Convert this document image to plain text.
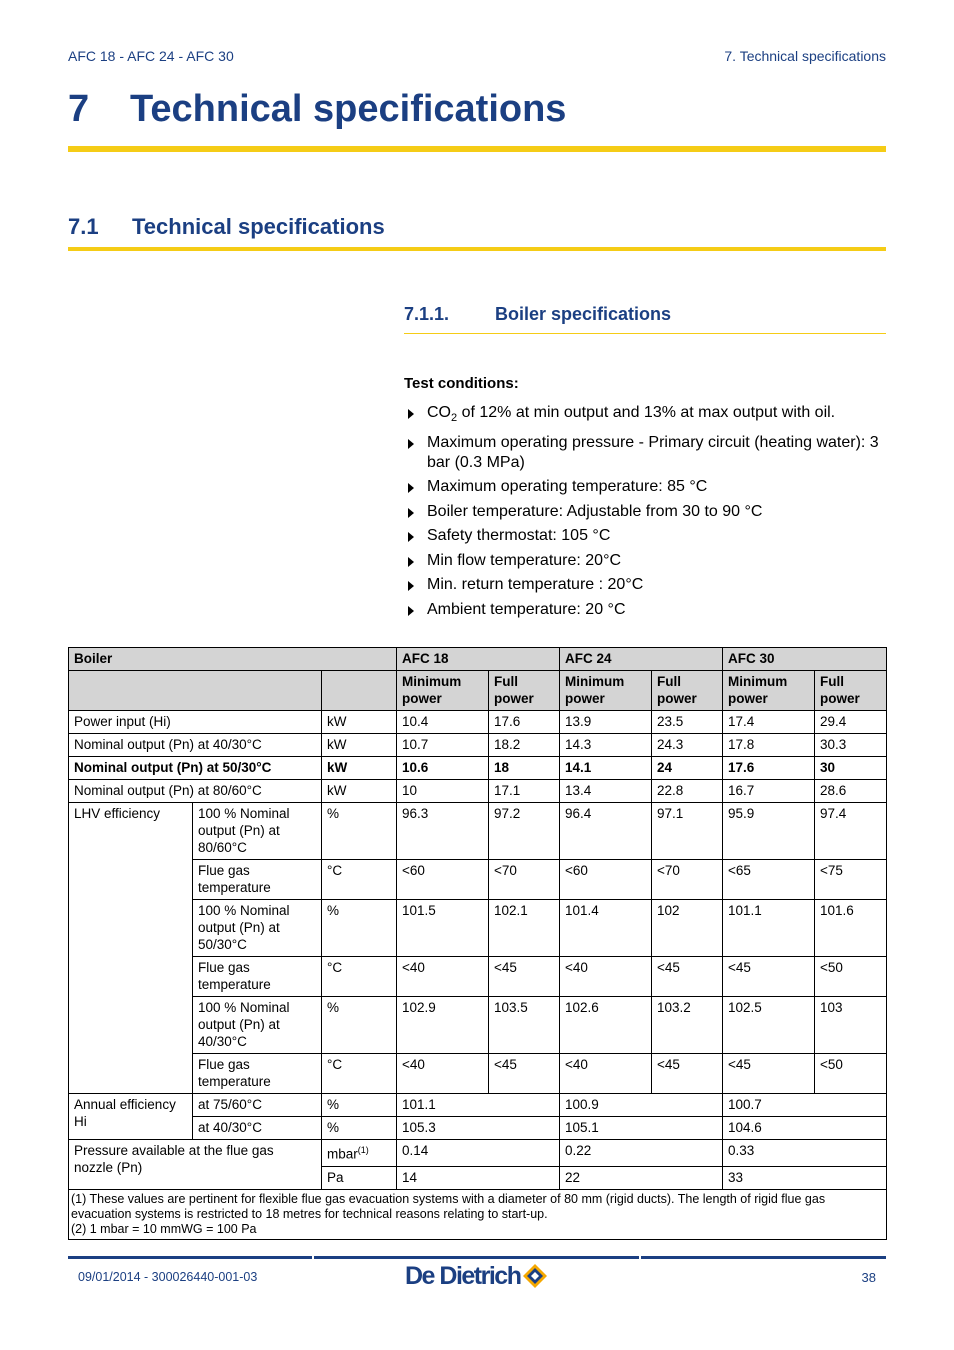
AFC 18 - AFC 24 - AFC 30	7. Technical specifications
7 Technical specifications
7.1 Technical specifications
7.1.1.	Boiler specifications
Test conditions:
$CO_2$ of 12% at min output and 13% at max output with oil.
Maximum operating pressure - Primary circuit (heating water): 3 bar (0.3 MPa)
Maximum operating temperature: 85 °C
Boiler temperature: Adjustable from 30 to 90 °C
Safety thermostat: 105 °C
Min flow temperature: 20°C
Min. return temperature : 20°C
Ambient temperature: 20 °C
Boiler			AFC 18		AFC 24		AFC 30	
			Minimum power	Full power	Minimum power	Full power	Minimum power	Full power
Power input (Hi)		kW	10.4	17.6	13.9	23.5	17.4	29.4
Nominal output (Pn) at 40/30°C		kW	10.7	18.2	14.3	24.3	17.8	30.3
Nominal output (Pn) at 50/30°C		kW	10.6	18	14.1	24	17.6	30
Nominal output (Pn) at 80/60°C		kW	10	17.1	13.4	22.8	16.7	28.6
LHV efficiency	100 % Nominal output (Pn) at 80/60°C	%	96.3	97.2	96.4	97.1	95.9	97.4
	Flue gas temperature	°C	<60	<70	<60	<70	<65	<75
	100 % Nominal output (Pn) at 50/30°C	%	101.5	102.1	101.4	102	101.1	101.6
	Flue gas temperature	°C	<40	<45	<40	<45	<45	<50
	100 % Nominal output (Pn) at 40/30°C	%	102.9	103.5	102.6	103.2	102.5	103
	Flue gas temperature	°C	<40	<45	<40	<45	<45	<50
Annual efficiency Hi	at 75/60°C	%	101.1		100.9		100.7	
	at 40/30°C	%	105.3		105.1		104.6	
Pressure available at the flue gas nozzle (Pn)		mbar$^{(1)}$	0.14		0.22		0.33	
		Pa	14		22		33	

(1) These values are pertinent for flexible flue gas evacuation systems with a diameter of 80 mm (rigid ducts). The length of rigid flue gas evacuation systems is restricted to 18 metres for technical reasons relating to start-up.
(2) 1 mbar = 10 mmWG = 100 Pa								
09/01/2014 - 300026440-001-03	De Dietrich	38
